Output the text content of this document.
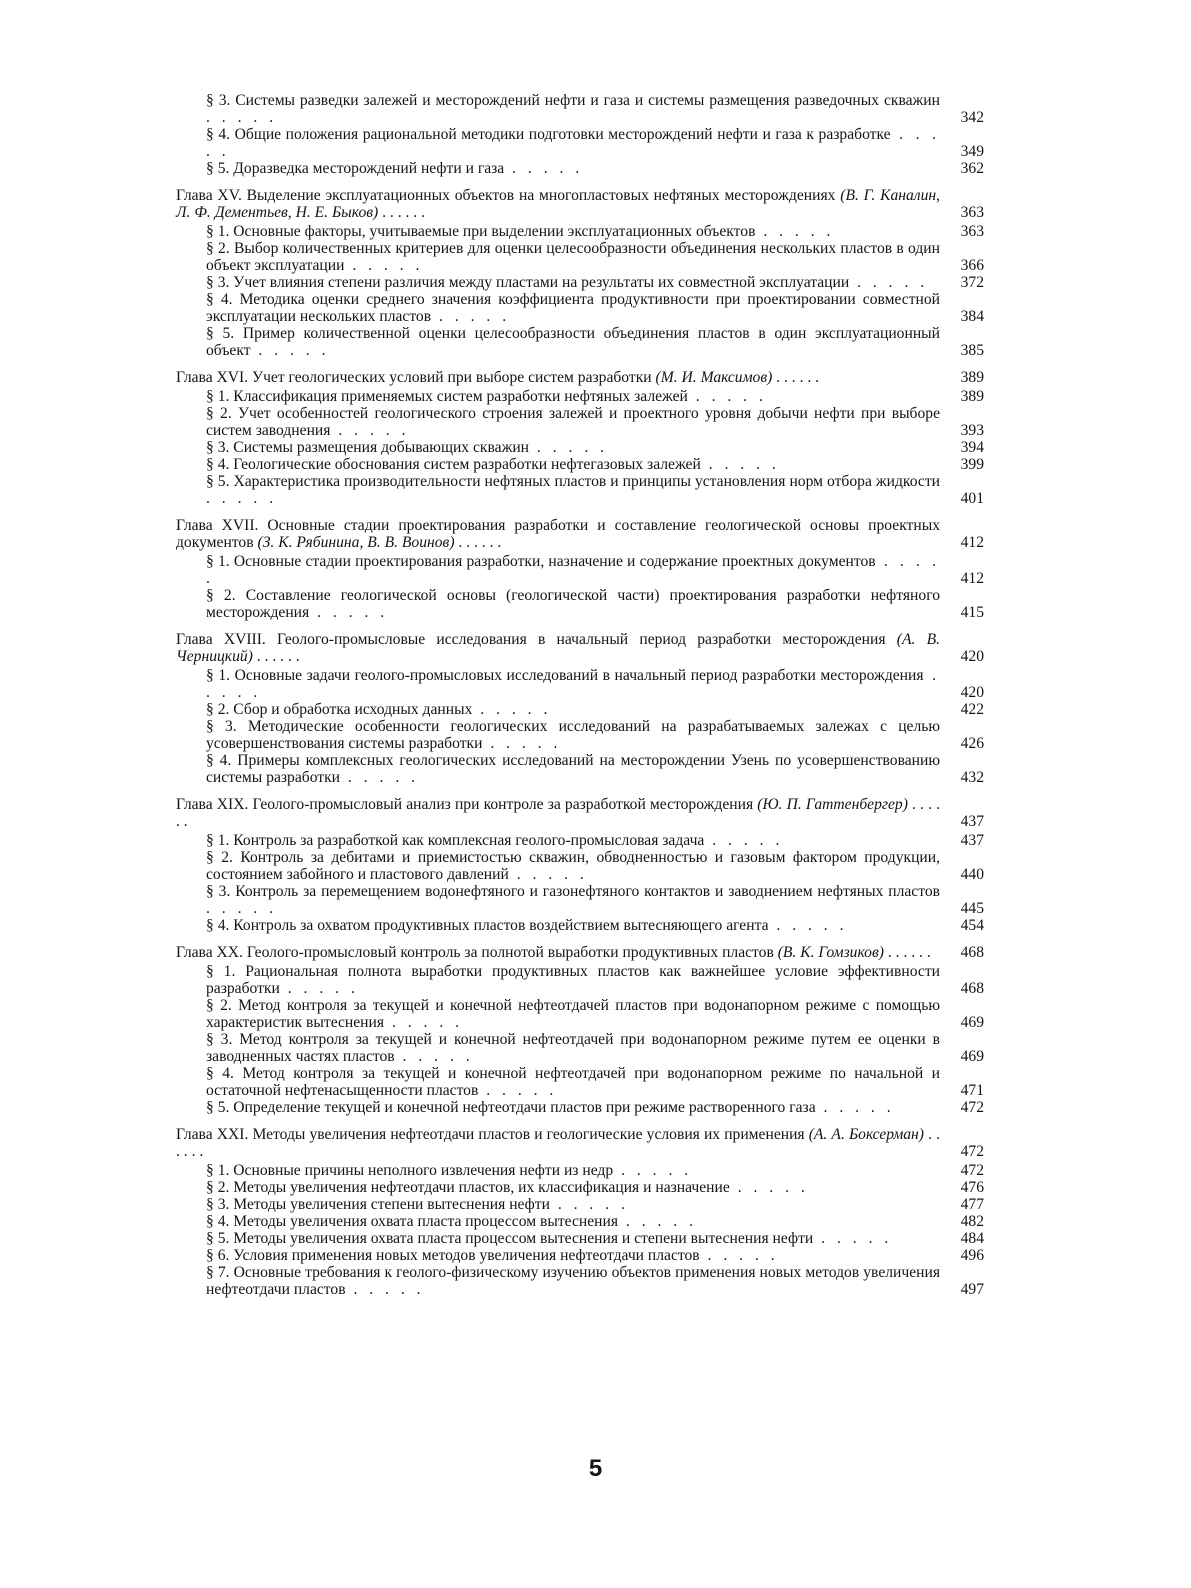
§ 3. Системы разведки залежей и месторождений нефти и газа и системы размещения разведочных скважин . . . . .	342
§ 4. Общие положения рациональной методики подготовки месторождений нефти и газа к разработке . . . . .	349
§ 5. Доразведка месторождений нефти и газа . . . . .	362
Глава XV. Выделение эксплуатационных объектов на многопластовых нефтяных месторождениях (В. Г. Каналин, Л. Ф. Дементьев, Н. Е. Быков) . . . . . .	363
§ 1. Основные факторы, учитываемые при выделении эксплуатационных объектов . . . . .	363
§ 2. Выбор количественных критериев для оценки целесообразности объединения нескольких пластов в один объект эксплуатации . . . . .	366
§ 3. Учет влияния степени различия между пластами на результаты их совместной эксплуатации . . . . .	372
§ 4. Методика оценки среднего значения коэффициента продуктивности при проектировании совместной эксплуатации нескольких пластов . . . . .	384
§ 5. Пример количественной оценки целесообразности объединения пластов в один эксплуатационный объект . . . . .	385
Глава XVI. Учет геологических условий при выборе систем разработки (М. И. Максимов) . . . . . .	389
§ 1. Классификация применяемых систем разработки нефтяных залежей . . . . .	389
§ 2. Учет особенностей геологического строения залежей и проектного уровня добычи нефти при выборе систем заводнения . . . . .	393
§ 3. Системы размещения добывающих скважин . . . . .	394
§ 4. Геологические обоснования систем разработки нефтегазовых залежей . . . . .	399
§ 5. Характеристика производительности нефтяных пластов и принципы установления норм отбора жидкости . . . . .	401
Глава XVII. Основные стадии проектирования разработки и составление геологической основы проектных документов (З. К. Рябинина, В. В. Воинов) . . . . . .	412
§ 1. Основные стадии проектирования разработки, назначение и содержание проектных документов . . . . .	412
§ 2. Составление геологической основы (геологической части) проектирования разработки нефтяного месторождения . . . . .	415
Глава XVIII. Геолого-промысловые исследования в начальный период разработки месторождения (А. В. Черницкий) . . . . . .	420
§ 1. Основные задачи геолого-промысловых исследований в начальный период разработки месторождения . . . . .	420
§ 2. Сбор и обработка исходных данных . . . . .	422
§ 3. Методические особенности геологических исследований на разрабатываемых залежах с целью усовершенствования системы разработки . . . . .	426
§ 4. Примеры комплексных геологических исследований на месторождении Узень по усовершенствованию системы разработки . . . . .	432
Глава XIX. Геолого-промысловый анализ при контроле за разработкой месторождения (Ю. П. Гаттенбергер) . . . . . .	437
§ 1. Контроль за разработкой как комплексная геолого-промысловая задача . . . . .	437
§ 2. Контроль за дебитами и приемистостью скважин, обводненностью и газовым фактором продукции, состоянием забойного и пластового давлений . . . . .	440
§ 3. Контроль за перемещением водонефтяного и газонефтяного контактов и заводнением нефтяных пластов . . . . .	445
§ 4. Контроль за охватом продуктивных пластов воздействием вытесняющего агента . . . . .	454
Глава XX. Геолого-промысловый контроль за полнотой выработки продуктивных пластов (В. К. Гомзиков) . . . . . .	468
§ 1. Рациональная полнота выработки продуктивных пластов как важнейшее условие эффективности разработки . . . . .	468
§ 2. Метод контроля за текущей и конечной нефтеотдачей пластов при водонапорном режиме с помощью характеристик вытеснения . . . . .	469
§ 3. Метод контроля за текущей и конечной нефтеотдачей при водонапорном режиме путем ее оценки в заводненных частях пластов . . . . .	469
§ 4. Метод контроля за текущей и конечной нефтеотдачей при водонапорном режиме по начальной и остаточной нефтенасыщенности пластов . . . . .	471
§ 5. Определение текущей и конечной нефтеотдачи пластов при режиме растворенного газа . . . . .	472
Глава XXI. Методы увеличения нефтеотдачи пластов и геологические условия их применения (А. А. Боксерман) . . . . . .	472
§ 1. Основные причины неполного извлечения нефти из недр . . . . .	472
§ 2. Методы увеличения нефтеотдачи пластов, их классификация и назначение . . . . .	476
§ 3. Методы увеличения степени вытеснения нефти . . . . .	477
§ 4. Методы увеличения охвата пласта процессом вытеснения . . . . .	482
§ 5. Методы увеличения охвата пласта процессом вытеснения и степени вытеснения нефти . . . . .	484
§ 6. Условия применения новых методов увеличения нефтеотдачи пластов . . . . .	496
§ 7. Основные требования к геолого-физическому изучению объектов применения новых методов увеличения нефтеотдачи пластов . . . . .	497
5
